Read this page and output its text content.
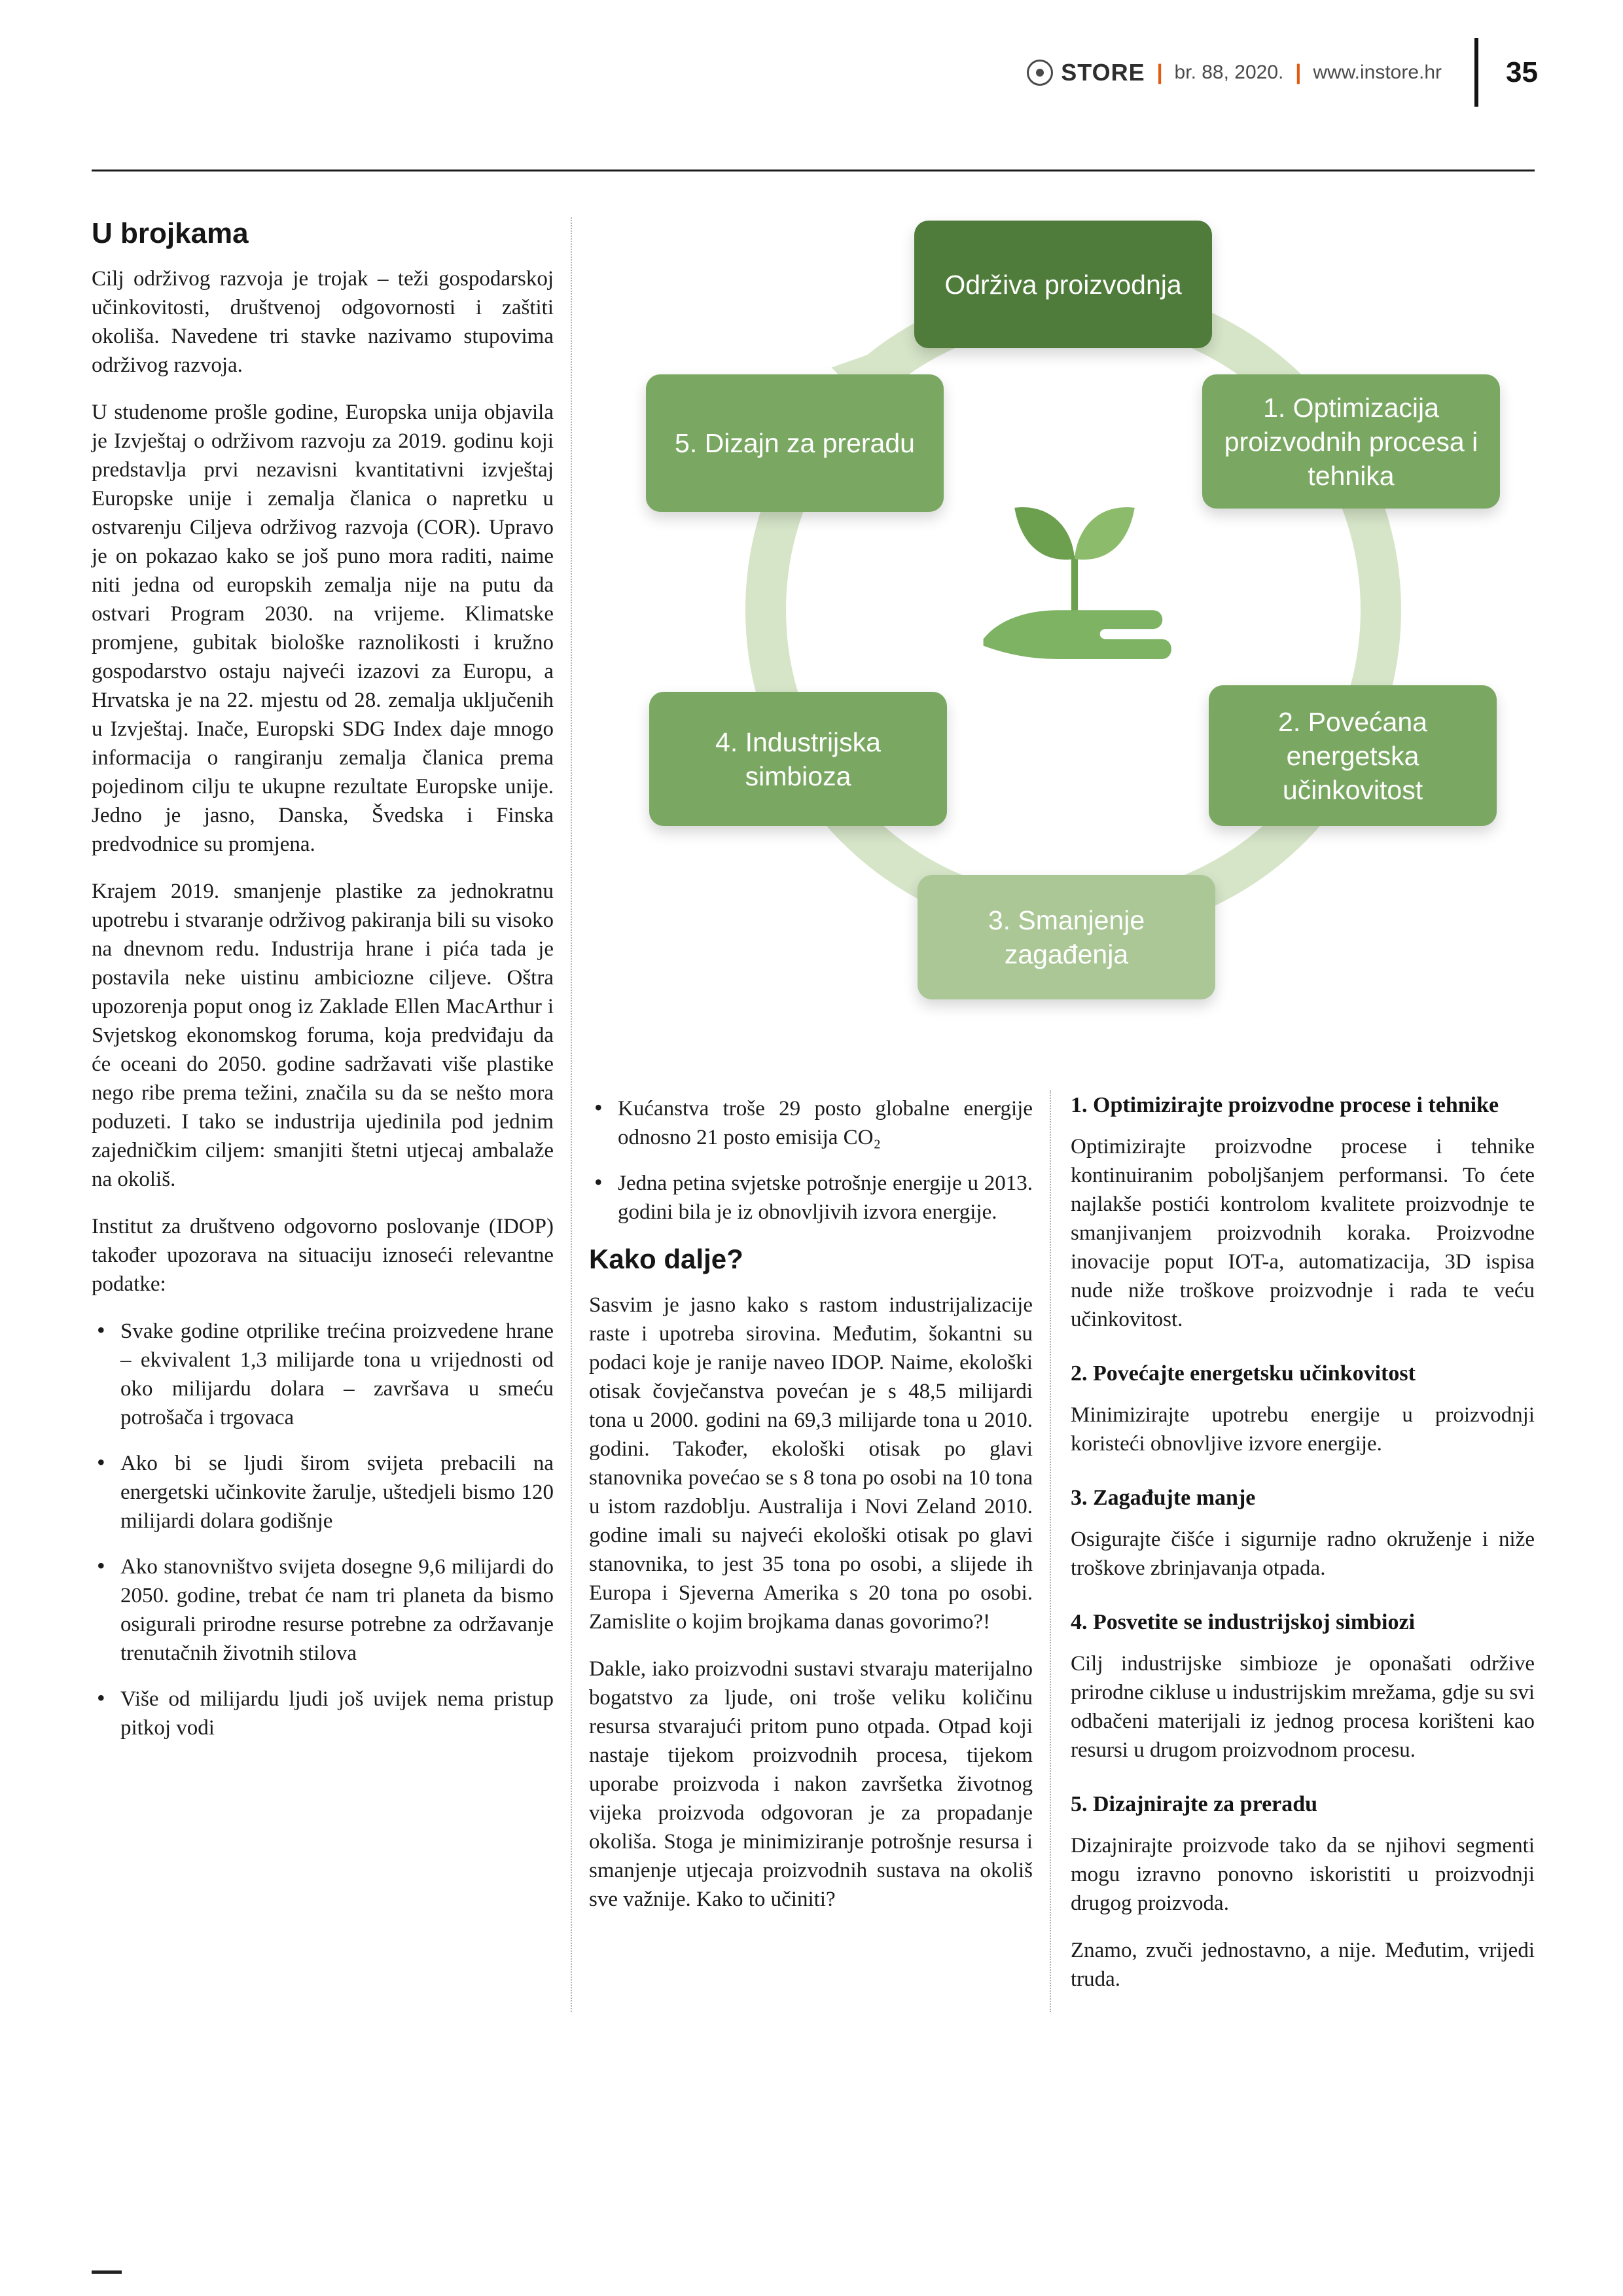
STORE | br. 88, 2020. | www.instore.hr 35
U brojkama

Cilj održivog razvoja je trojak – teži gospodarskoj učinkovitosti, društvenoj odgovornosti i zaštiti okoliša. Navedene tri stavke nazivamo stupovima održivog razvoja.

U studenome prošle godine, Europska unija objavila je Izvještaj o održivom razvoju za 2019. godinu koji predstavlja prvi nezavisni kvantitativni izvještaj Europske unije i zemalja članica o napretku u ostvarenju Ciljeva održivog razvoja (COR). Upravo je on pokazao kako se još puno mora raditi, naime niti jedna od europskih zemalja nije na putu da ostvari Program 2030. na vrijeme. Klimatske promjene, gubitak biološke raznolikosti i kružno gospodarstvo ostaju najveći izazovi za Europu, a Hrvatska je na 22. mjestu od 28. zemalja uključenih u Izvještaj. Inače, Europski SDG Index daje mnogo informacija o rangiranju zemalja članica prema pojedinom cilju te ukupne rezultate Europske unije. Jedno je jasno, Danska, Švedska i Finska predvodnice su promjena.

Krajem 2019. smanjenje plastike za jednokratnu upotrebu i stvaranje održivog pakiranja bili su visoko na dnevnom redu. Industrija hrane i pića tada je postavila neke uistinu ambiciozne ciljeve. Oštra upozorenja poput onog iz Zaklade Ellen MacArthur i Svjetskog ekonomskog foruma, koja predviđaju da će oceani do 2050. godine sadržavati više plastike nego ribe prema težini, značila su da se nešto mora poduzeti. I tako se industrija ujedinila pod jednim zajedničkim ciljem: smanjiti štetni utjecaj ambalaže na okoliš.

Institut za društveno odgovorno poslovanje (IDOP) također upozorava na situaciju iznoseći relevantne podatke:

• Svake godine otprilike trećina proizvedene hrane – ekvivalent 1,3 milijarde tona u vrijednosti od oko milijardu dolara – završava u smeću potrošača i trgovaca
• Ako bi se ljudi širom svijeta prebacili na energetski učinkovite žarulje, uštedjeli bismo 120 milijardi dolara godišnje
• Ako stanovništvo svijeta dosegne 9,6 milijardi do 2050. godine, trebat će nam tri planeta da bismo osigurali prirodne resurse potrebne za održavanje trenutačnih životnih stilova
• Više od milijardu ljudi još uvijek nema pristup pitkoj vodi
Održiva proizvodnja
1. Optimizacija proizvodnih procesa i tehnika
2. Povećana energetska učinkovitost
3. Smanjenje zagađenja
4. Industrijska simbioza
5. Dizajn za preradu
• Kućanstva troše 29 posto globalne energije odnosno 21 posto emisija CO₂
• Jedna petina svjetske potrošnje energije u 2013. godini bila je iz obnovljivih izvora energije.
Kako dalje?

Sasvim je jasno kako s rastom industrijalizacije raste i upotreba sirovina. Međutim, šokantni su podaci koje je ranije naveo IDOP. Naime, ekološki otisak čovječanstva povećan je s 48,5 milijardi tona u 2000. godini na 69,3 milijarde tona u 2010. godini. Također, ekološki otisak po glavi stanovnika povećao se s 8 tona po osobi na 10 tona u istom razdoblju. Australija i Novi Zeland 2010. godine imali su najveći ekološki otisak po glavi stanovnika, to jest 35 tona po osobi, a slijede ih Europa i Sjeverna Amerika s 20 tona po osobi. Zamislite o kojim brojkama danas govorimo?!

Dakle, iako proizvodni sustavi stvaraju materijalno bogatstvo za ljude, oni troše veliku količinu resursa stvarajući pritom puno otpada. Otpad koji nastaje tijekom proizvodnih procesa, tijekom uporabe proizvoda i nakon završetka životnog vijeka proizvoda odgovoran je za propadanje okoliša. Stoga je minimiziranje potrošnje resursa i smanjenje utjecaja proizvodnih sustava na okoliš sve važnije. Kako to učiniti?

1. Optimizirajte proizvodne procese i tehnike

Optimizirajte proizvodne procese i tehnike kontinuiranim poboljšanjem performansi. To ćete najlakše postići kontrolom kvalitete proizvodnje te smanjivanjem proizvodnih koraka. Proizvodne inovacije poput IOT-a, automatizacija, 3D ispisa nude niže troškove proizvodnje i rada te veću učinkovitost.

2. Povećajte energetsku učinkovitost

Minimizirajte upotrebu energije u proizvodnji koristeći obnovljive izvore energije.

3. Zagađujte manje

Osigurajte čišće i sigurnije radno okruženje i niže troškove zbrinjavanja otpada.

4. Posvetite se industrijskoj simbiozi

Cilj industrijske simbioze je oponašati održive prirodne cikluse u industrijskim mrežama, gdje su svi odbačeni materijali iz jednog procesa korišteni kao resursi u drugom proizvodnom procesu.

5. Dizajnirajte za preradu

Dizajnirajte proizvode tako da se njihovi segmenti mogu izravno ponovno iskoristiti u proizvodnji drugog proizvoda.

Znamo, zvuči jednostavno, a nije. Međutim, vrijedi truda.
